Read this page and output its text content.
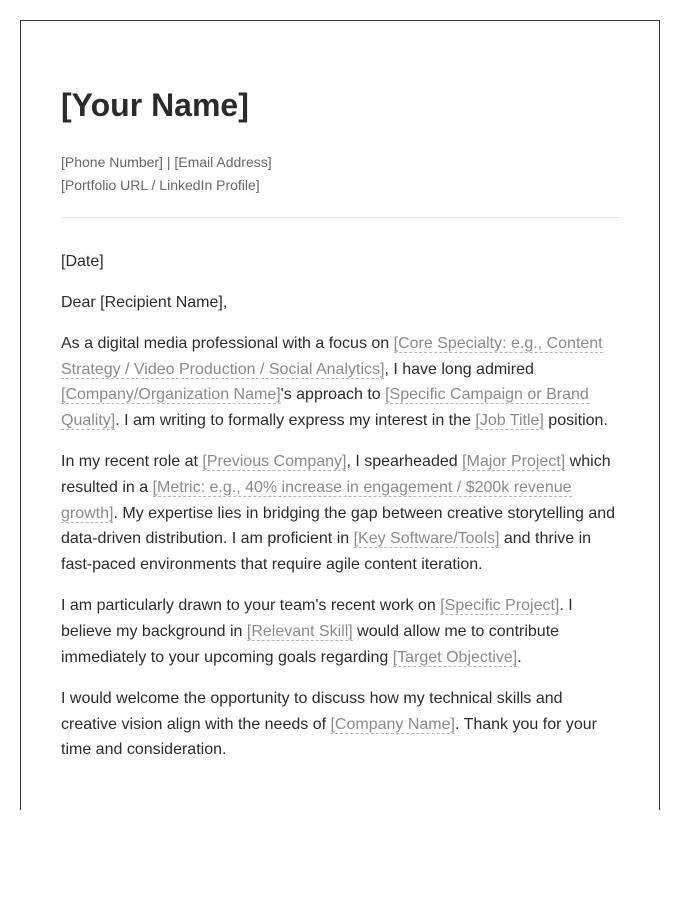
[Your Name]
[Phone Number] | [Email Address]
[Portfolio URL / LinkedIn Profile]
[Date]
Dear [Recipient Name],

As a digital media professional with a focus on [Core Specialty: e.g., Content Strategy / Video Production / Social Analytics], I have long admired [Company/Organization Name]'s approach to [Specific Campaign or Brand Quality]. I am writing to formally express my interest in the [Job Title] position.

In my recent role at [Previous Company], I spearheaded [Major Project] which resulted in a [Metric: e.g., 40% increase in engagement / $200k revenue growth]. My expertise lies in bridging the gap between creative storytelling and data-driven distribution. I am proficient in [Key Software/Tools] and thrive in fast-paced environments that require agile content iteration.

I am particularly drawn to your team's recent work on [Specific Project]. I believe my background in [Relevant Skill] would allow me to contribute immediately to your upcoming goals regarding [Target Objective].

I would welcome the opportunity to discuss how my technical skills and creative vision align with the needs of [Company Name]. Thank you for your time and consideration.
